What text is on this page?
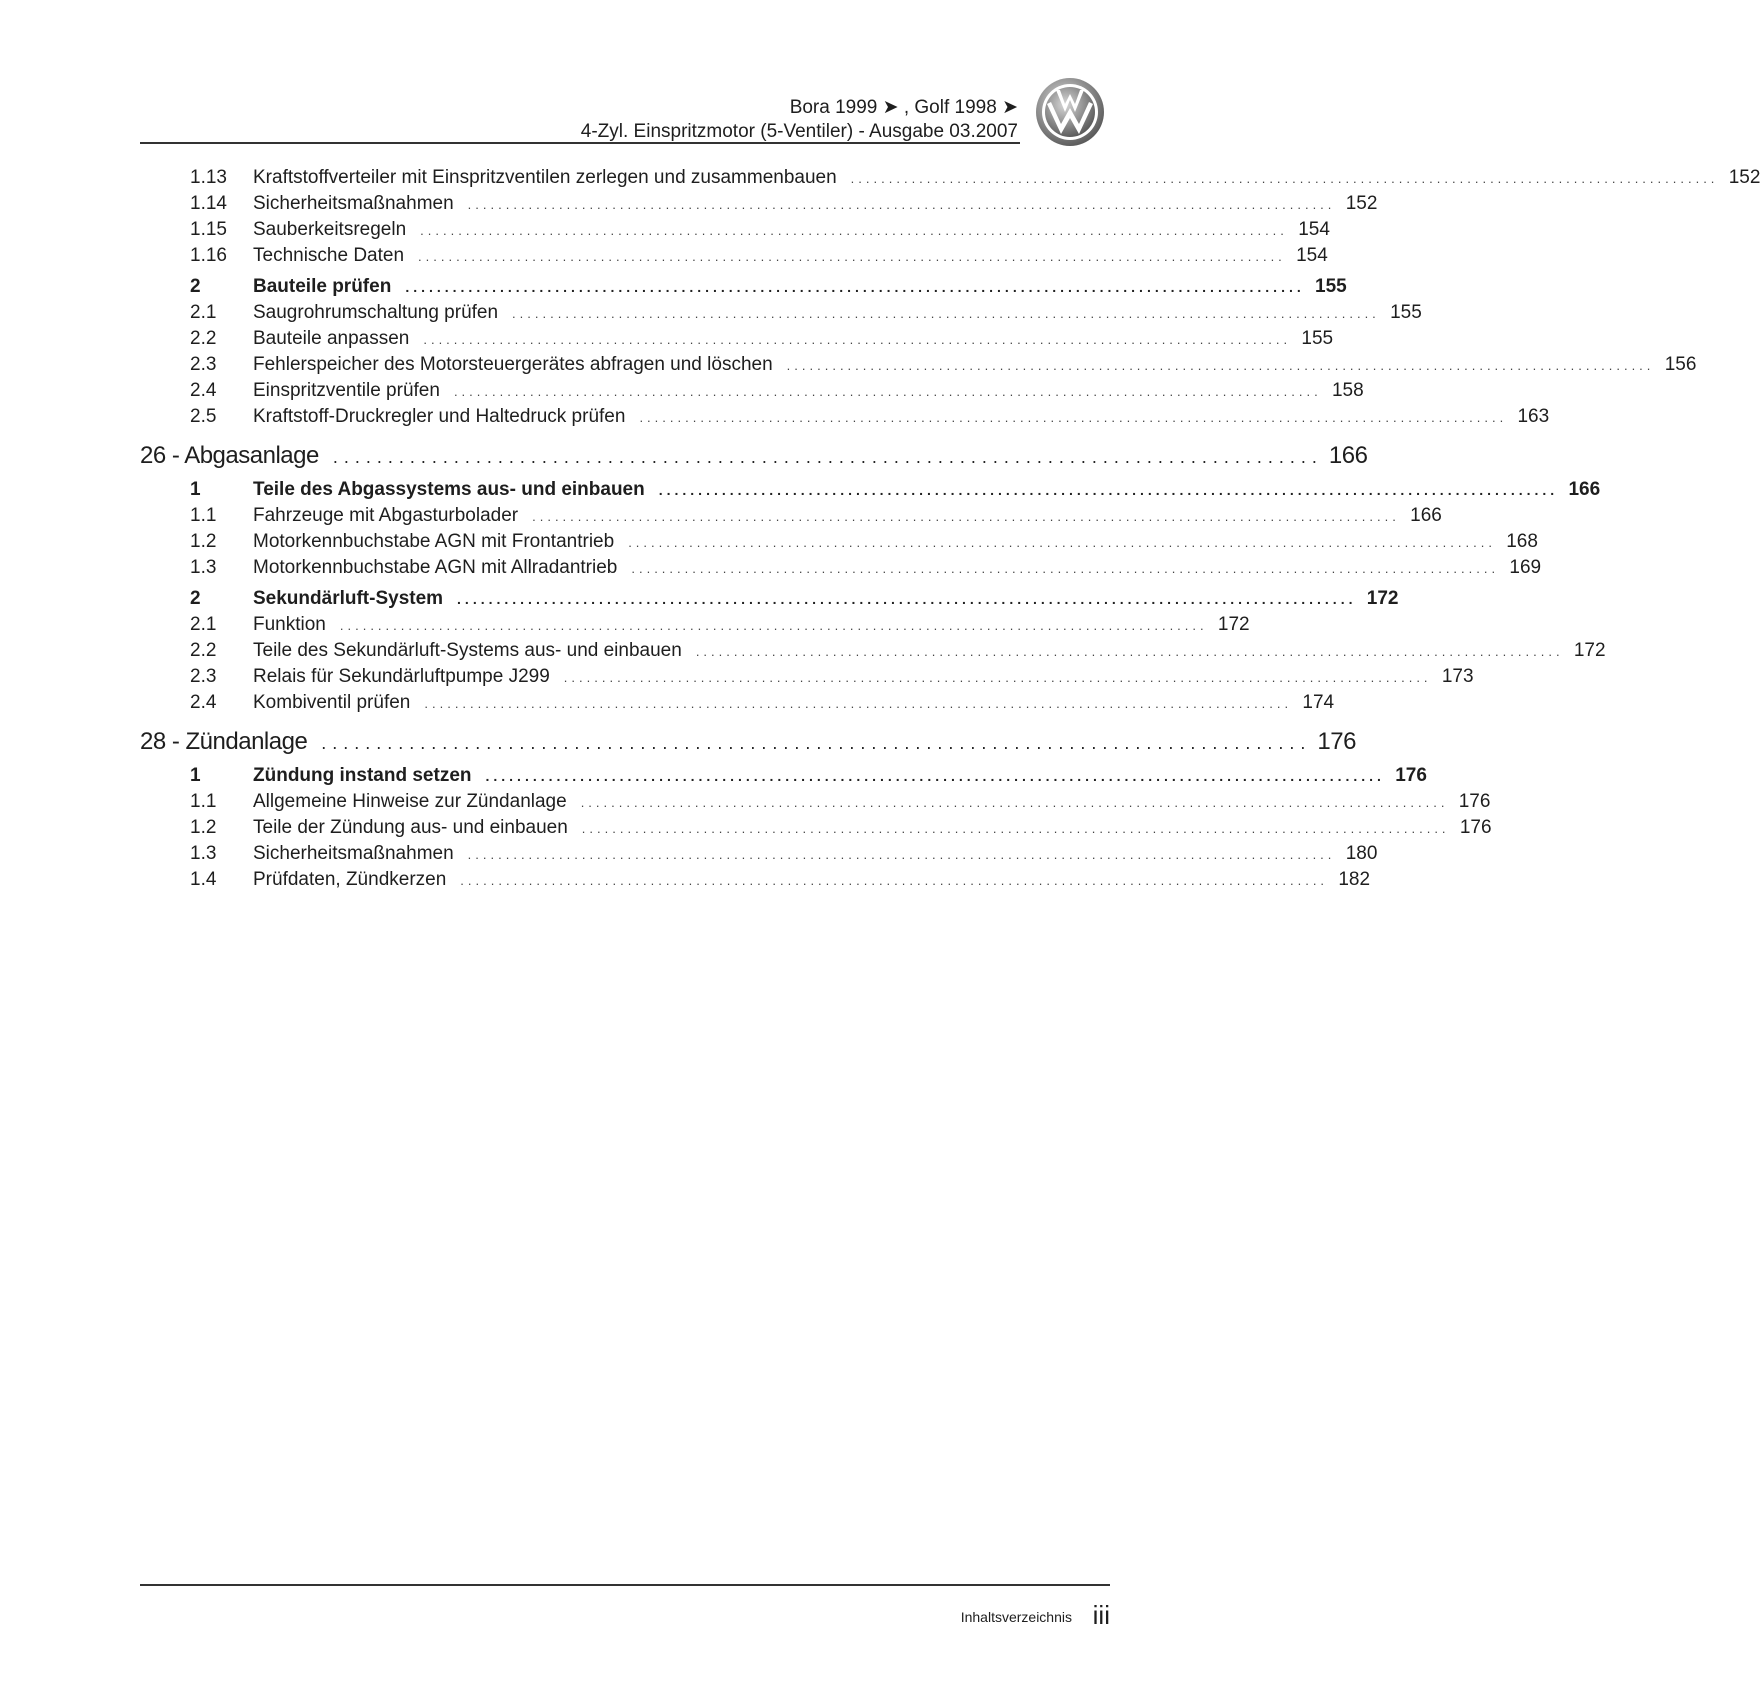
Bora 1999 ➤ , Golf 1998 ➤
4-Zyl. Einspritzmotor (5-Ventiler) - Ausgabe 03.2007
1.13	Kraftstoffverteiler mit Einspritzventilen zerlegen und zusammenbauen .................................................................................................................. 152
1.14	Sicherheitsmaßnahmen .................................................................................................................. 152
1.15	Sauberkeitsregeln .................................................................................................................. 154
1.16	Technische Daten .................................................................................................................. 154
2	Bauteile prüfen .................................................................................................................. 155
2.1	Saugrohrumschaltung prüfen .................................................................................................................. 155
2.2	Bauteile anpassen .................................................................................................................. 155
2.3	Fehlerspeicher des Motorsteuergerätes abfragen und löschen .................................................................................................................. 156
2.4	Einspritzventile prüfen .................................................................................................................. 158
2.5	Kraftstoff-Druckregler und Haltedruck prüfen .................................................................................................................. 163
26 - Abgasanlage .......................................................................................... 166
1	Teile des Abgassystems aus- und einbauen .................................................................................................................. 166
1.1	Fahrzeuge mit Abgasturbolader .................................................................................................................. 166
1.2	Motorkennbuchstabe AGN mit Frontantrieb .................................................................................................................. 168
1.3	Motorkennbuchstabe AGN mit Allradantrieb .................................................................................................................. 169
2	Sekundärluft-System .................................................................................................................. 172
2.1	Funktion .................................................................................................................. 172
2.2	Teile des Sekundärluft-Systems aus- und einbauen .................................................................................................................. 172
2.3	Relais für Sekundärluftpumpe J299 .................................................................................................................. 173
2.4	Kombiventil prüfen .................................................................................................................. 174
28 - Zündanlage .......................................................................................... 176
1	Zündung instand setzen .................................................................................................................. 176
1.1	Allgemeine Hinweise zur Zündanlage .................................................................................................................. 176
1.2	Teile der Zündung aus- und einbauen .................................................................................................................. 176
1.3	Sicherheitsmaßnahmen .................................................................................................................. 180
1.4	Prüfdaten, Zündkerzen .................................................................................................................. 182
Inhaltsverzeichnis iii
